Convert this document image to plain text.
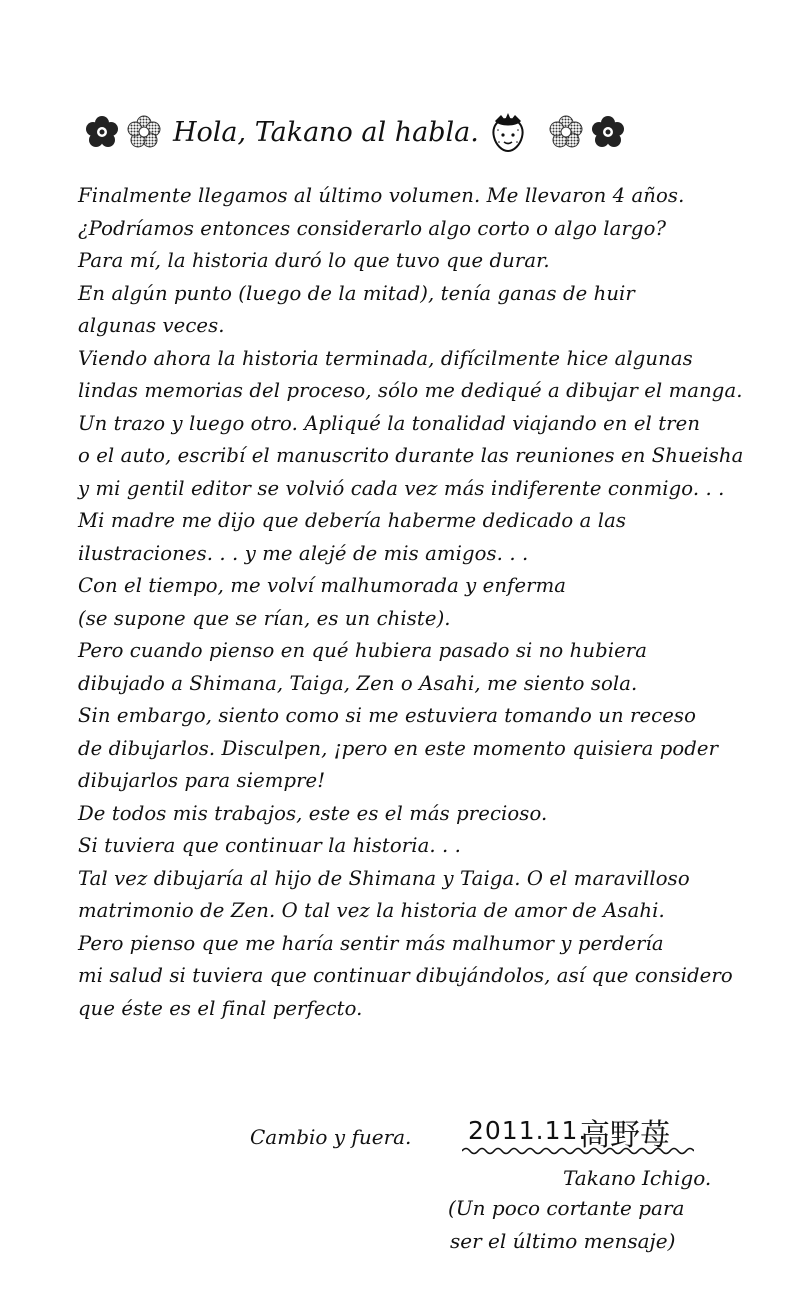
Hola, Takano al habla.
Finalmente llegamos al último volumen. Me llevaron 4 años.
¿Podríamos entonces considerarlo algo corto o algo largo?
Para mí, la historia duró lo que tuvo que durar.
En algún punto (luego de la mitad), tenía ganas de huir
algunas veces.
Viendo ahora la historia terminada, difícilmente hice algunas
lindas memorias del proceso, sólo me dediqué a dibujar el manga.
Un trazo y luego otro. Apliqué la tonalidad viajando en el tren
o el auto, escribí el manuscrito durante las reuniones en Shueisha
y mi gentil editor se volvió cada vez más indiferente conmigo. . .
Mi madre me dijo que debería haberme dedicado a las
ilustraciones. . . y me alejé de mis amigos. . .
Con el tiempo, me volví malhumorada y enferma
(se supone que se rían, es un chiste).
Pero cuando pienso en qué hubiera pasado si no hubiera
dibujado a Shimana, Taiga, Zen o Asahi, me siento sola.
Sin embargo, siento como si me estuviera tomando un receso
de dibujarlos. Disculpen, ¡pero en este momento quisiera poder
dibujarlos para siempre!
De todos mis trabajos, este es el más precioso.
Si tuviera que continuar la historia. . .
Tal vez dibujaría al hijo de Shimana y Taiga. O el maravilloso
matrimonio de Zen. O tal vez la historia de amor de Asahi.
Pero pienso que me haría sentir más malhumor y perdería
mi salud si tuviera que continuar dibujándolos, así que considero
que éste es el final perfecto.
Cambio y fuera. 2011.11.
高野苺
Takano Ichigo.
(Un poco cortante para
ser el último mensaje)
